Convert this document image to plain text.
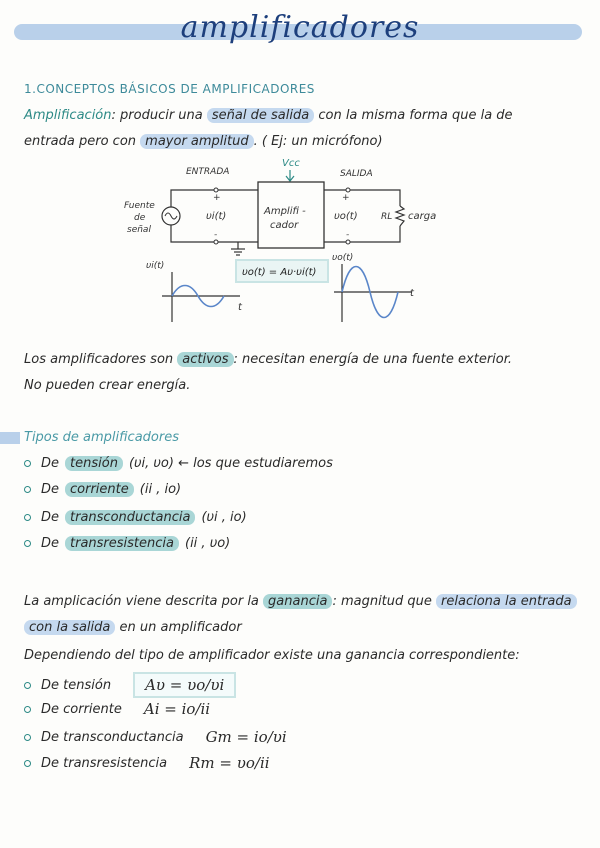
amplificadores
1.CONCEPTOS BÁSICOS DE AMPLIFICADORES
Amplificación: producir una señal de salida con la misma forma que la de
entrada pero con mayor amplitud . ( Ej: un micrófono)
ENTRADA	SALIDA
Vcc
Fuente
de
señal
+
-
υi(t)	Amplifi -
cador
+
-
υo(t)	RL carga
υo(t) = Aυ·υi(t)
υi(t)
t
υo(t)
t
Los amplificadores son activos : necesitan energía de una fuente exterior.
No pueden crear energía.
Tipos de amplificadores
De tensión (υi, υo) ← los que estudiaremos
De corriente (ii , io)
De transconductancia (υi , io)
De transresistencia (ii , υo)
La amplicación viene descrita por la ganancia : magnitud que relaciona la entrada
con la salida en un amplificador
Dependiendo del tipo de amplificador existe una ganancia correspondiente:
De tensión	Aυ = υo/υi
De corriente Ai = io/ii
De transconductancia Gm = io/υi
De transresistencia Rm = υo/ii
